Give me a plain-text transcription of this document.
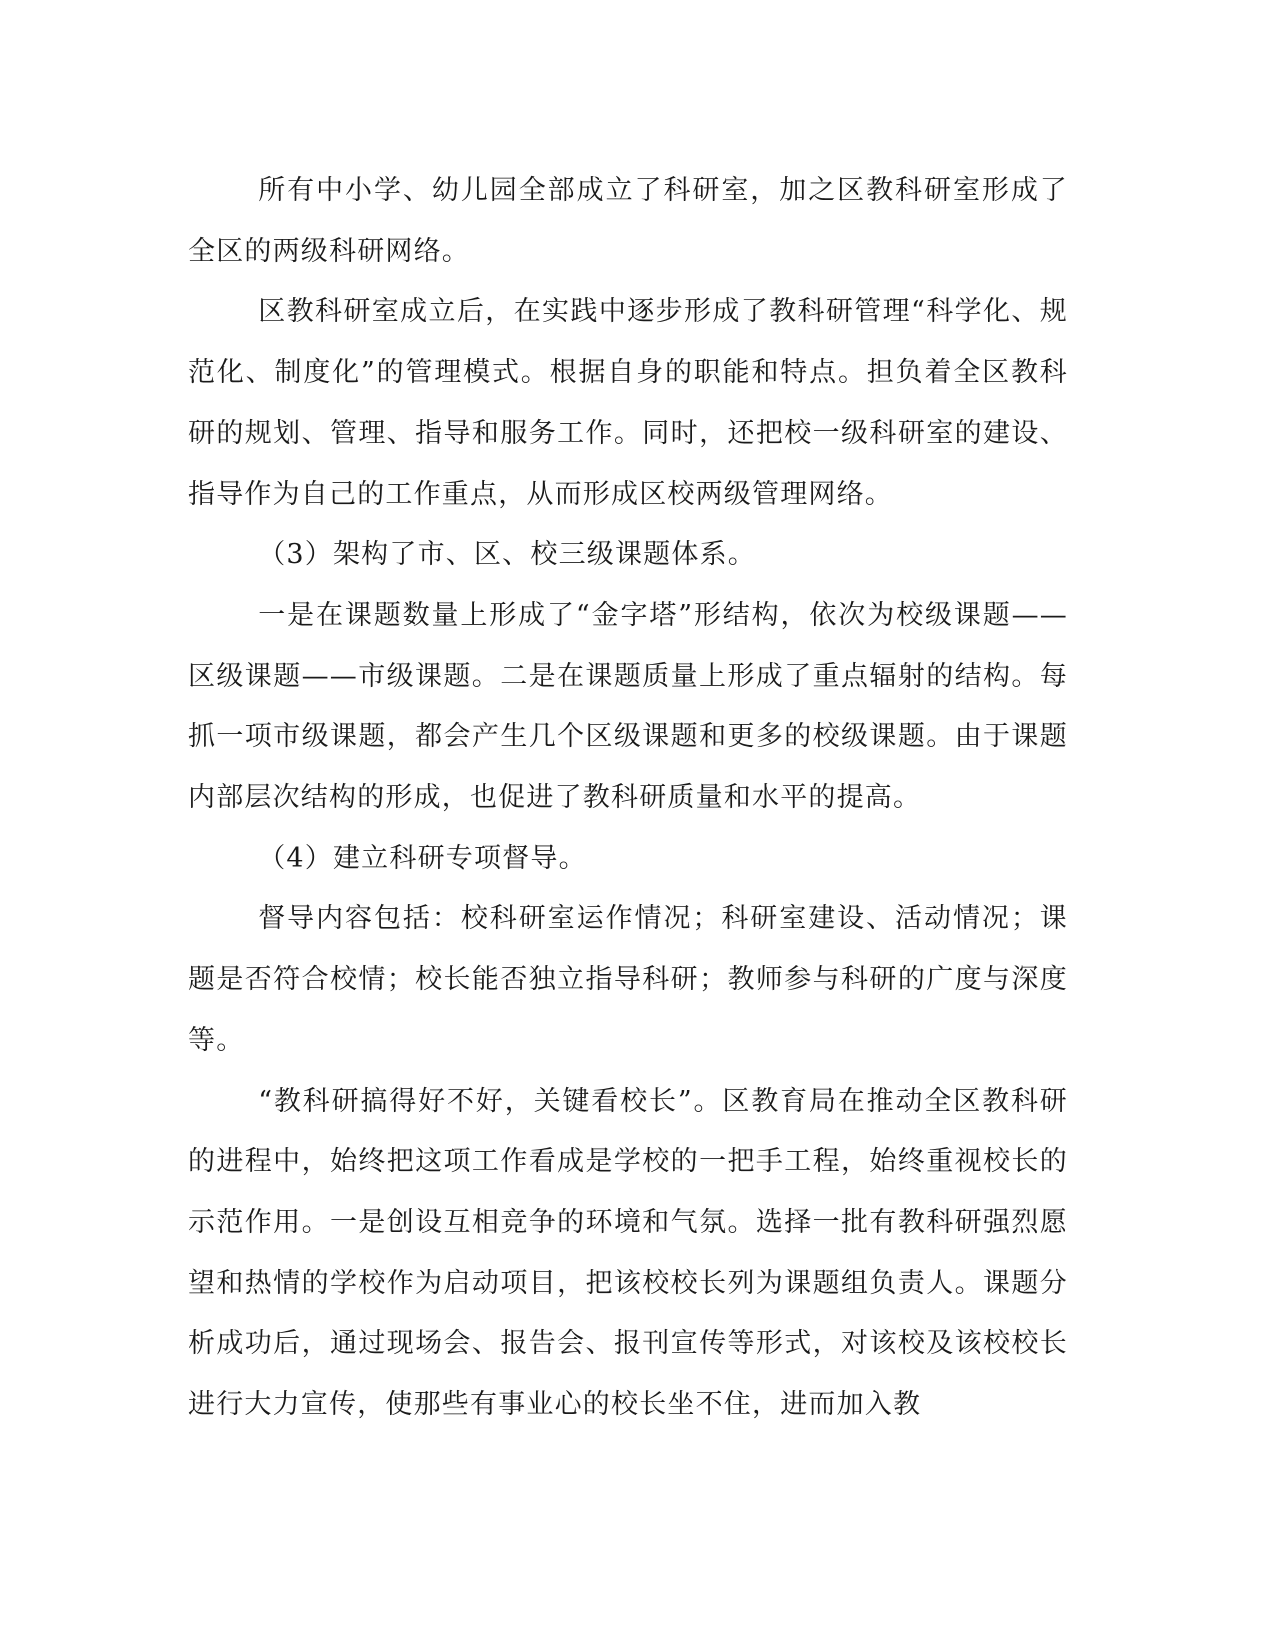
所有中小学、幼儿园全部成立了科研室，加之区教科研室形成了全区的两级科研网络。

区教科研室成立后，在实践中逐步形成了教科研管理“科学化、规范化、制度化”的管理模式。根据自身的职能和特点。担负着全区教科研的规划、管理、指导和服务工作。同时，还把校一级科研室的建设、指导作为自己的工作重点，从而形成区校两级管理网络。

（3）架构了市、区、校三级课题体系。

一是在课题数量上形成了“金字塔”形结构，依次为校级课题——区级课题——市级课题。二是在课题质量上形成了重点辐射的结构。每抓一项市级课题，都会产生几个区级课题和更多的校级课题。由于课题内部层次结构的形成，也促进了教科研质量和水平的提高。

（4）建立科研专项督导。

督导内容包括：校科研室运作情况；科研室建设、活动情况；课题是否符合校情；校长能否独立指导科研；教师参与科研的广度与深度等。

“教科研搞得好不好，关键看校长”。区教育局在推动全区教科研的进程中，始终把这项工作看成是学校的一把手工程，始终重视校长的示范作用。一是创设互相竞争的环境和气氛。选择一批有教科研强烈愿望和热情的学校作为启动项目，把该校校长列为课题组负责人。课题分析成功后，通过现场会、报告会、报刊宣传等形式，对该校及该校校长进行大力宣传，使那些有事业心的校长坐不住，进而加入教
